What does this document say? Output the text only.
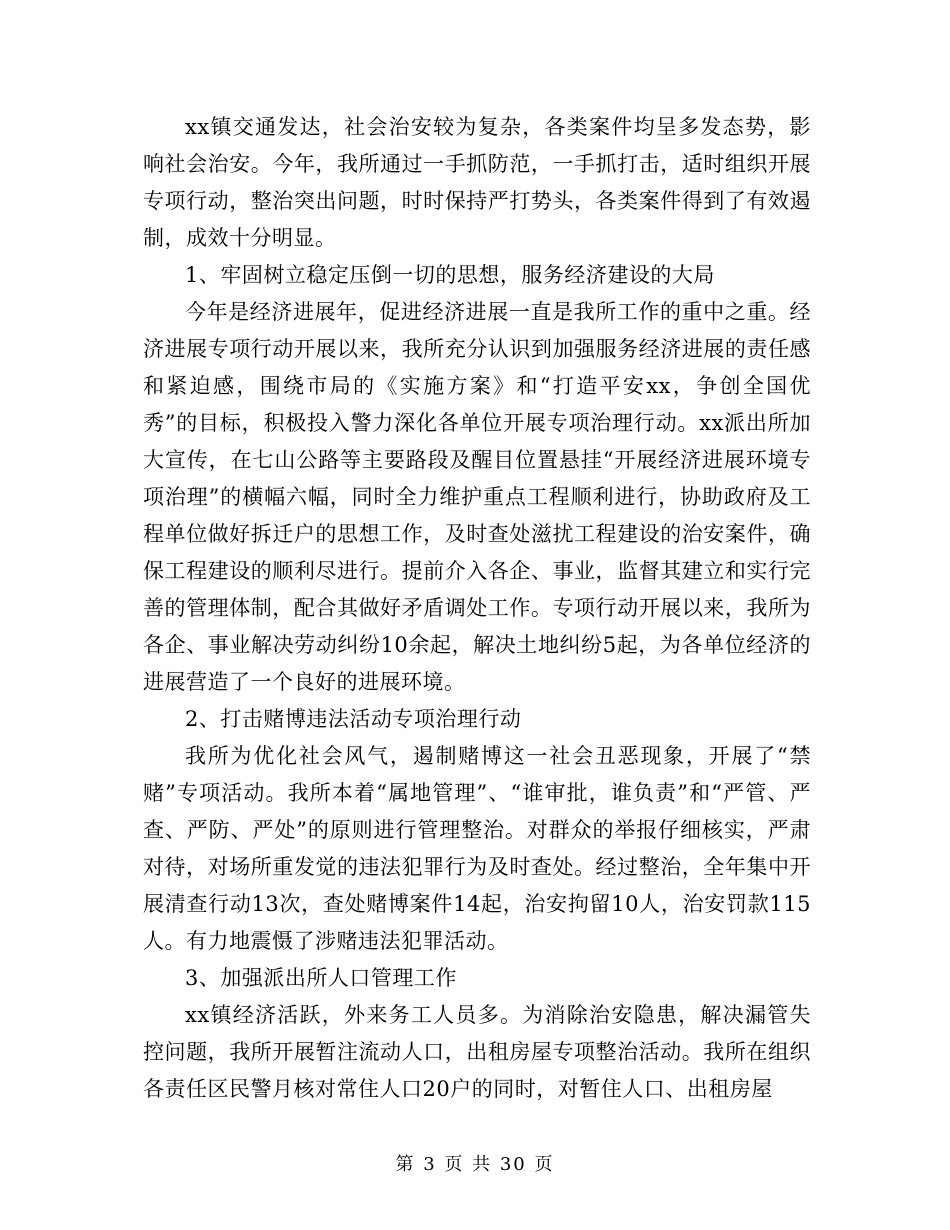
xx镇交通发达，社会治安较为复杂，各类案件均呈多发态势，影响社会治安。今年，我所通过一手抓防范，一手抓打击，适时组织开展专项行动，整治突出问题，时时保持严打势头，各类案件得到了有效遏制，成效十分明显。

1、牢固树立稳定压倒一切的思想，服务经济建设的大局

今年是经济进展年，促进经济进展一直是我所工作的重中之重。经济进展专项行动开展以来，我所充分认识到加强服务经济进展的责任感和紧迫感，围绕市局的《实施方案》和“打造平安xx，争创全国优秀”的目标，积极投入警力深化各单位开展专项治理行动。xx派出所加大宣传，在七山公路等主要路段及醒目位置悬挂“开展经济进展环境专项治理”的横幅六幅，同时全力维护重点工程顺利进行，协助政府及工程单位做好拆迁户的思想工作，及时查处滋扰工程建设的治安案件，确保工程建设的顺利尽进行。提前介入各企、事业，监督其建立和实行完善的管理体制，配合其做好矛盾调处工作。专项行动开展以来，我所为各企、事业解决劳动纠纷10余起，解决土地纠纷5起，为各单位经济的进展营造了一个良好的进展环境。

2、打击赌博违法活动专项治理行动

我所为优化社会风气，遏制赌博这一社会丑恶现象，开展了“禁赌”专项活动。我所本着“属地管理”、“谁审批，谁负责”和“严管、严查、严防、严处”的原则进行管理整治。对群众的举报仔细核实，严肃对待，对场所重发觉的违法犯罪行为及时查处。经过整治，全年集中开展清查行动13次，查处赌博案件14起，治安拘留10人，治安罚款115人。有力地震慑了涉赌违法犯罪活动。

3、加强派出所人口管理工作

xx镇经济活跃，外来务工人员多。为消除治安隐患，解决漏管失控问题，我所开展暂注流动人口，出租房屋专项整治活动。我所在组织各责任区民警月核对常住人口20户的同时，对暂住人口、出租房屋

第 3 页 共 30 页
